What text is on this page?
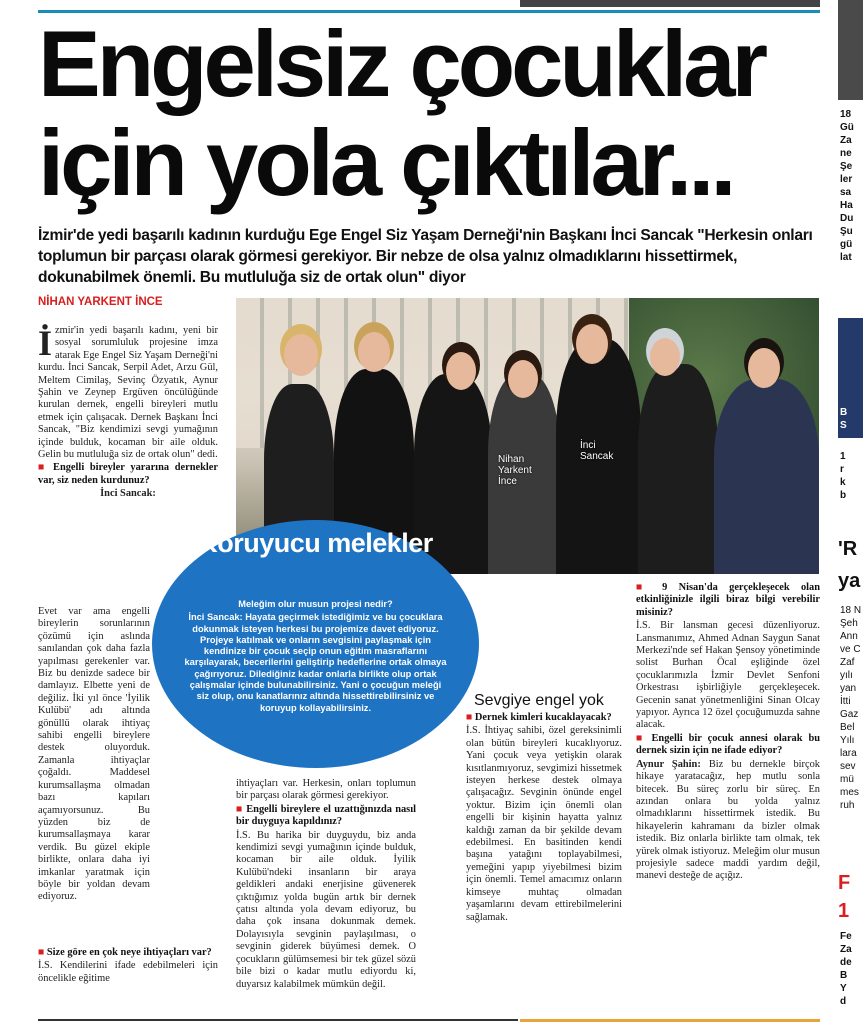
Engelsiz çocuklar için yola çıktılar...
İzmir'de yedi başarılı kadının kurduğu Ege Engel Siz Yaşam Derneği'nin Başkanı İnci Sancak "Herkesin onları toplumun bir parçası olarak görmesi gerekiyor. Bir nebze de olsa yalnız olmadıklarını hissettirmek, dokunabilmek önemli. Bu mutluluğa siz de ortak olun" diyor
NİHAN YARKENT İNCE

İzmir'in yedi başarılı kadını, yeni bir sosyal sorumluluk projesine imza atarak Ege Engel Siz Yaşam Derneği'ni kurdu. İnci Sancak, Serpil Adet, Arzu Gül, Meltem Cimilaş, Sevinç Özyatık, Aynur Şahin ve Zeynep Ergüven öncülüğünde kurulan dernek, engelli bireyleri mutlu etmek için çalışacak. Dernek Başkanı İnci Sancak, "Biz kendimizi sevgi yumağının içinde bulduk, kocaman bir aile olduk. Gelin bu mutluluğa siz de ortak olun" dedi.

■ Engelli bireyler yararına dernekler var, siz neden kurdunuz?

İnci Sancak:

Evet var ama engelli bireylerin sorunlarının çözümü için aslında sanılandan çok daha fazla yapılması gerekenler var. Biz bu denizde sadece bir damlayız. Elbette yeni de değiliz. İki yıl önce 'İyilik Kulübü' adı altında gönüllü olarak ihtiyaç sahibi engelli bireylere destek oluyorduk. Zamanla ihtiyaçlar çoğaldı. Maddesel kurumsallaşma olmadan bazı kapıları açamıyorsunuz. Bu yüzden biz de kurumsallaşmaya karar verdik. Bu güzel ekiple birlikte, onlara daha iyi imkanlar yaratmak için böyle bir yoldan devam ediyoruz.

■ Size göre en çok neye ihtiyaçları var?

İ.S. Kendilerini ifade edebilmeleri için öncelikle eğitime

Nihan Yarkent İnce
İnci Sancak
Koruyucu melekler
Meleğim olur musun projesi nedir?
İnci Sancak: Hayata geçirmek istediğimiz ve bu çocuklara dokunmak isteyen herkesi bu projemize davet ediyoruz. Projeye katılmak ve onların sevgisini paylaşmak için kendinize bir çocuk seçip onun eğitim masraflarını karşılayarak, becerilerini geliştirip hedeflerine ortak olmaya çağırıyoruz. Dilediğiniz kadar onlarla birlikte olup ortak çalışmalar içinde bulunabilirsiniz. Yani o çocuğun meleği siz olup, onu kanatlarınız altında hissettirebilirsiniz ve koruyup kollayabilirsiniz.

ihtiyaçları var. Herkesin, onları toplumun bir parçası olarak görmesi gerekiyor.

■ Engelli bireylere el uzattığınızda nasıl bir duyguya kapıldınız?

İ.S. Bu harika bir duyguydu, biz anda kendimizi sevgi yumağının içinde bulduk, kocaman bir aile olduk. İyilik Kulübü'ndeki insanların bir araya geldikleri andaki enerjisine güvenerek çıktığımız yolda bugün artık bir dernek çatısı altında yola devam ediyoruz, bu daha çok insana dokunmak demek. Dolayısıyla sevginin paylaşılması, o sevginin giderek büyümesi demek. O çocukların gülümsemesi bir tek güzel sözü bile bizi o kadar mutlu ediyordu ki, duyarsız kalabilmek mümkün değil.

Sevgiye engel yok

■ Dernek kimleri kucaklayacak?

İ.S. İhtiyaç sahibi, özel gereksinimli olan bütün bireyleri kucaklıyoruz. Yani çocuk veya yetişkin olarak kısıtlanmıyoruz, sevgimizi hissetmek isteyen herkese destek olmaya çalışacağız. Sevginin önünde engel yoktur. Bizim için önemli olan engelli bir kişinin hayatta yalnız kaldığı zaman da bir şekilde devam edebilmesi. En basitinden kendi başına yatağını toplayabilmesi, yemeğini yapıp yiyebilmesi bizim için önemli. Temel amacımız onların kimseye muhtaç olmadan yaşamlarını devam ettirebilmelerini sağlamak.

■ 9 Nisan'da gerçekleşecek olan etkinliğinizle ilgili biraz bilgi verebilir misiniz?

İ.S. Bir lansman gecesi düzenliyoruz. Lansmanımız, Ahmed Adnan Saygun Sanat Merkezi'nde sef Hakan Şensoy yönetiminde solist Burhan Öcal eşliğinde özel çocuklarımızla İzmir Devlet Senfoni Orkestrası işbirliğiyle gerçekleşecek. Gecenin sanat yönetmenliğini Sinan Olcay yapıyor. Ayrıca 12 özel çocuğumuzda sahne alacak.

■ Engelli bir çocuk annesi olarak bu dernek sizin için ne ifade ediyor?

Aynur Şahin: Biz bu dernekle birçok hikaye yaratacağız, hep mutlu sonla bitecek. Bu süreç zorlu bir süreç. En azından onlara bu yolda yalnız olmadıklarını hissettirmek istedik. Bu hikayelerin kahramanı da bizler olmak istedik. Biz onlarla birlikte tam olmak, tek yürek olmak istiyoruz. Meleğim olur musun projesiyle sadece maddi yardım değil, manevi desteğe de açığız.

18
Gü
Za
ne
Şe
ler
sa
Ha
Du
Şu
gü
lat
B
S
1
r
k
b
'R
ya
18 N
Şeh
Ann
ve C
Zaf
yılı
yan
İtti
Gaz
Bel
Yılı
lara
sev
mü
mes
ruh
F
1
Fe
Za
de
B
Y
d
